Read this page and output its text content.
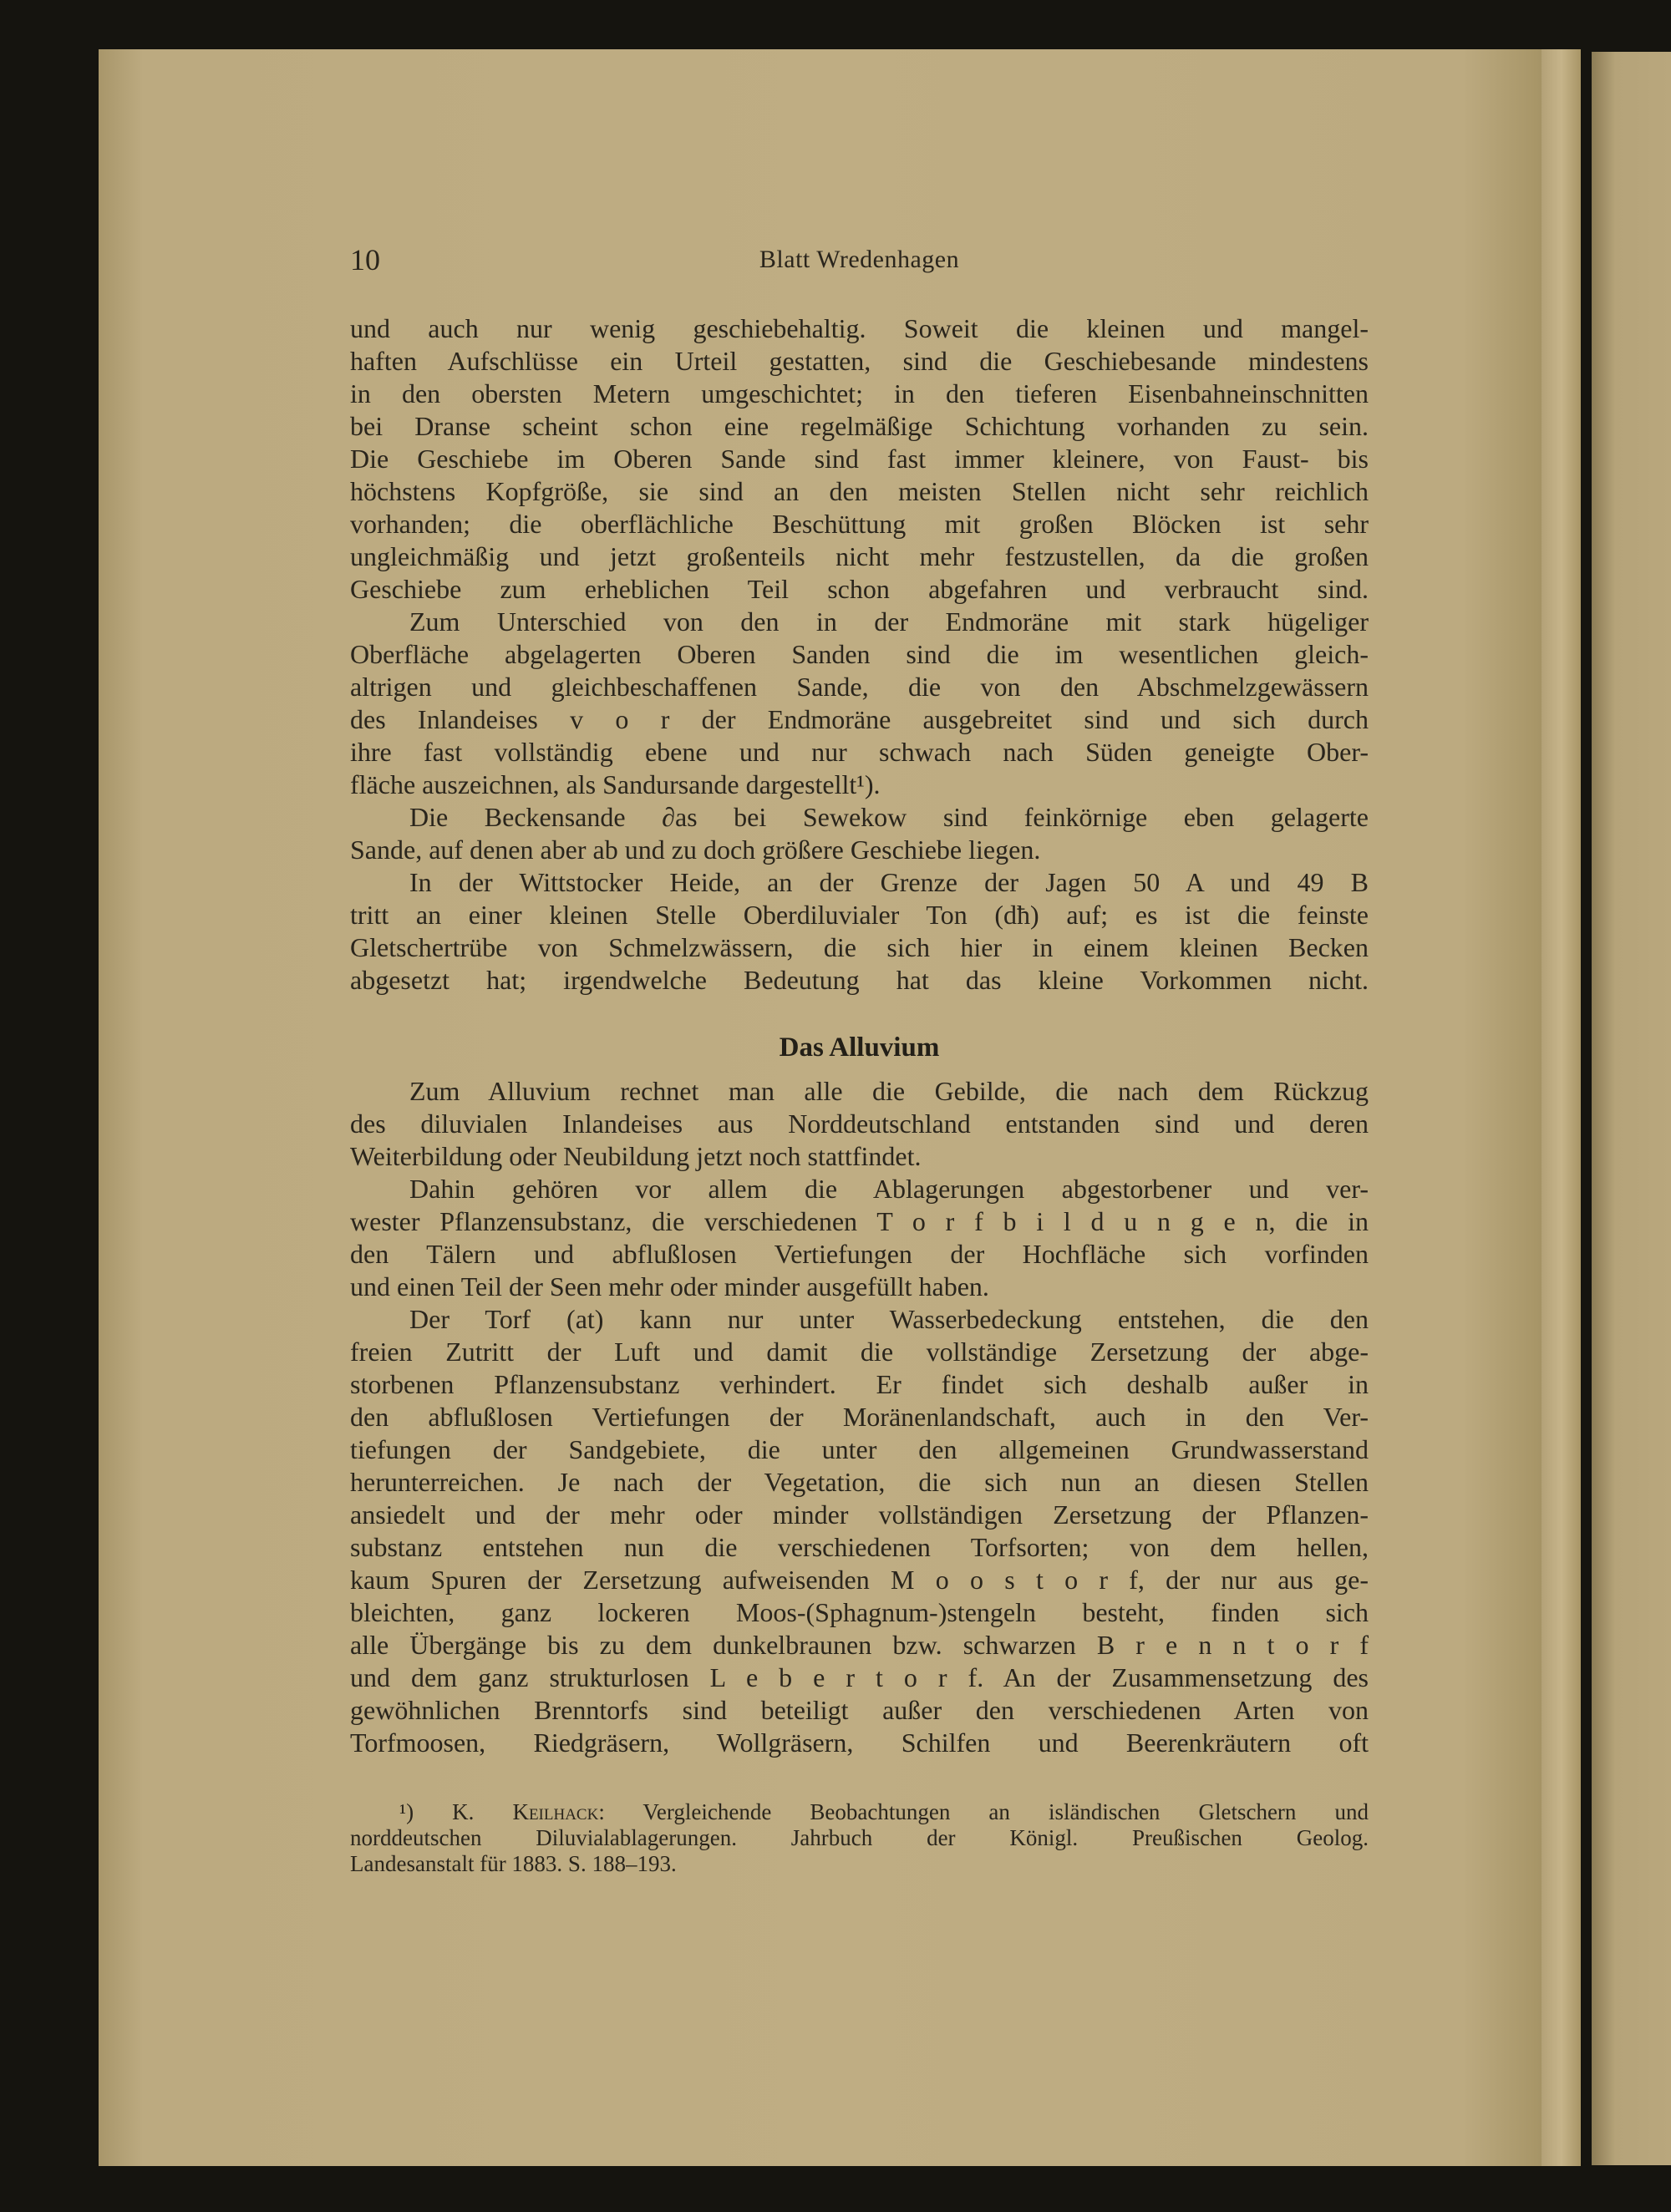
10	Blatt Wredenhagen
und auch nur wenig geschiebehaltig. Soweit die kleinen und mangel-
haften Aufschlüsse ein Urteil gestatten, sind die Geschiebesande mindestens
in den obersten Metern umgeschichtet; in den tieferen Eisenbahneinschnitten
bei Dranse scheint schon eine regelmäßige Schichtung vorhanden zu sein.
Die Geschiebe im Oberen Sande sind fast immer kleinere, von Faust- bis
höchstens Kopfgröße, sie sind an den meisten Stellen nicht sehr reichlich
vorhanden; die oberflächliche Beschüttung mit großen Blöcken ist sehr
ungleichmäßig und jetzt großenteils nicht mehr festzustellen, da die großen
Geschiebe zum erheblichen Teil schon abgefahren und verbraucht sind.
Zum Unterschied von den in der Endmoräne mit stark hügeliger
Oberfläche abgelagerten Oberen Sanden sind die im wesentlichen gleich-
altrigen und gleichbeschaffenen Sande, die von den Abschmelzgewässern
des Inlandeises v o r der Endmoräne ausgebreitet sind und sich durch
ihre fast vollständig ebene und nur schwach nach Süden geneigte Ober-
fläche auszeichnen, als Sandursande dargestellt¹).
Die Beckensande ∂as bei Sewekow sind feinkörnige eben gelagerte
Sande, auf denen aber ab und zu doch größere Geschiebe liegen.
In der Wittstocker Heide, an der Grenze der Jagen 50 A und 49 B
tritt an einer kleinen Stelle Oberdiluvialer Ton (dħ) auf; es ist die feinste
Gletschertrübe von Schmelzwässern, die sich hier in einem kleinen Becken
abgesetzt hat; irgendwelche Bedeutung hat das kleine Vorkommen nicht.
Das Alluvium
Zum Alluvium rechnet man alle die Gebilde, die nach dem Rückzug
des diluvialen Inlandeises aus Norddeutschland entstanden sind und deren
Weiterbildung oder Neubildung jetzt noch stattfindet.
Dahin gehören vor allem die Ablagerungen abgestorbener und ver-
wester Pflanzensubstanz, die verschiedenen T o r f b i l d u n g e n, die in
den Tälern und abflußlosen Vertiefungen der Hochfläche sich vorfinden
und einen Teil der Seen mehr oder minder ausgefüllt haben.
Der Torf (at) kann nur unter Wasserbedeckung entstehen, die den
freien Zutritt der Luft und damit die vollständige Zersetzung der abge-
storbenen Pflanzensubstanz verhindert. Er findet sich deshalb außer in
den abflußlosen Vertiefungen der Moränenlandschaft, auch in den Ver-
tiefungen der Sandgebiete, die unter den allgemeinen Grundwasserstand
herunterreichen. Je nach der Vegetation, die sich nun an diesen Stellen
ansiedelt und der mehr oder minder vollständigen Zersetzung der Pflanzen-
substanz entstehen nun die verschiedenen Torfsorten; von dem hellen,
kaum Spuren der Zersetzung aufweisenden M o o s t o r f, der nur aus ge-
bleichten, ganz lockeren Moos-(Sphagnum-)stengeln besteht, finden sich
alle Übergänge bis zu dem dunkelbraunen bzw. schwarzen B r e n n t o r f
und dem ganz strukturlosen L e b e r t o r f. An der Zusammensetzung des
gewöhnlichen Brenntorfs sind beteiligt außer den verschiedenen Arten von
Torfmoosen, Riedgräsern, Wollgräsern, Schilfen und Beerenkräutern oft
¹) K. Keilhack: Vergleichende Beobachtungen an isländischen Gletschern und
norddeutschen Diluvialablagerungen. Jahrbuch der Königl. Preußischen Geolog.
Landesanstalt für 1883. S. 188–193.
